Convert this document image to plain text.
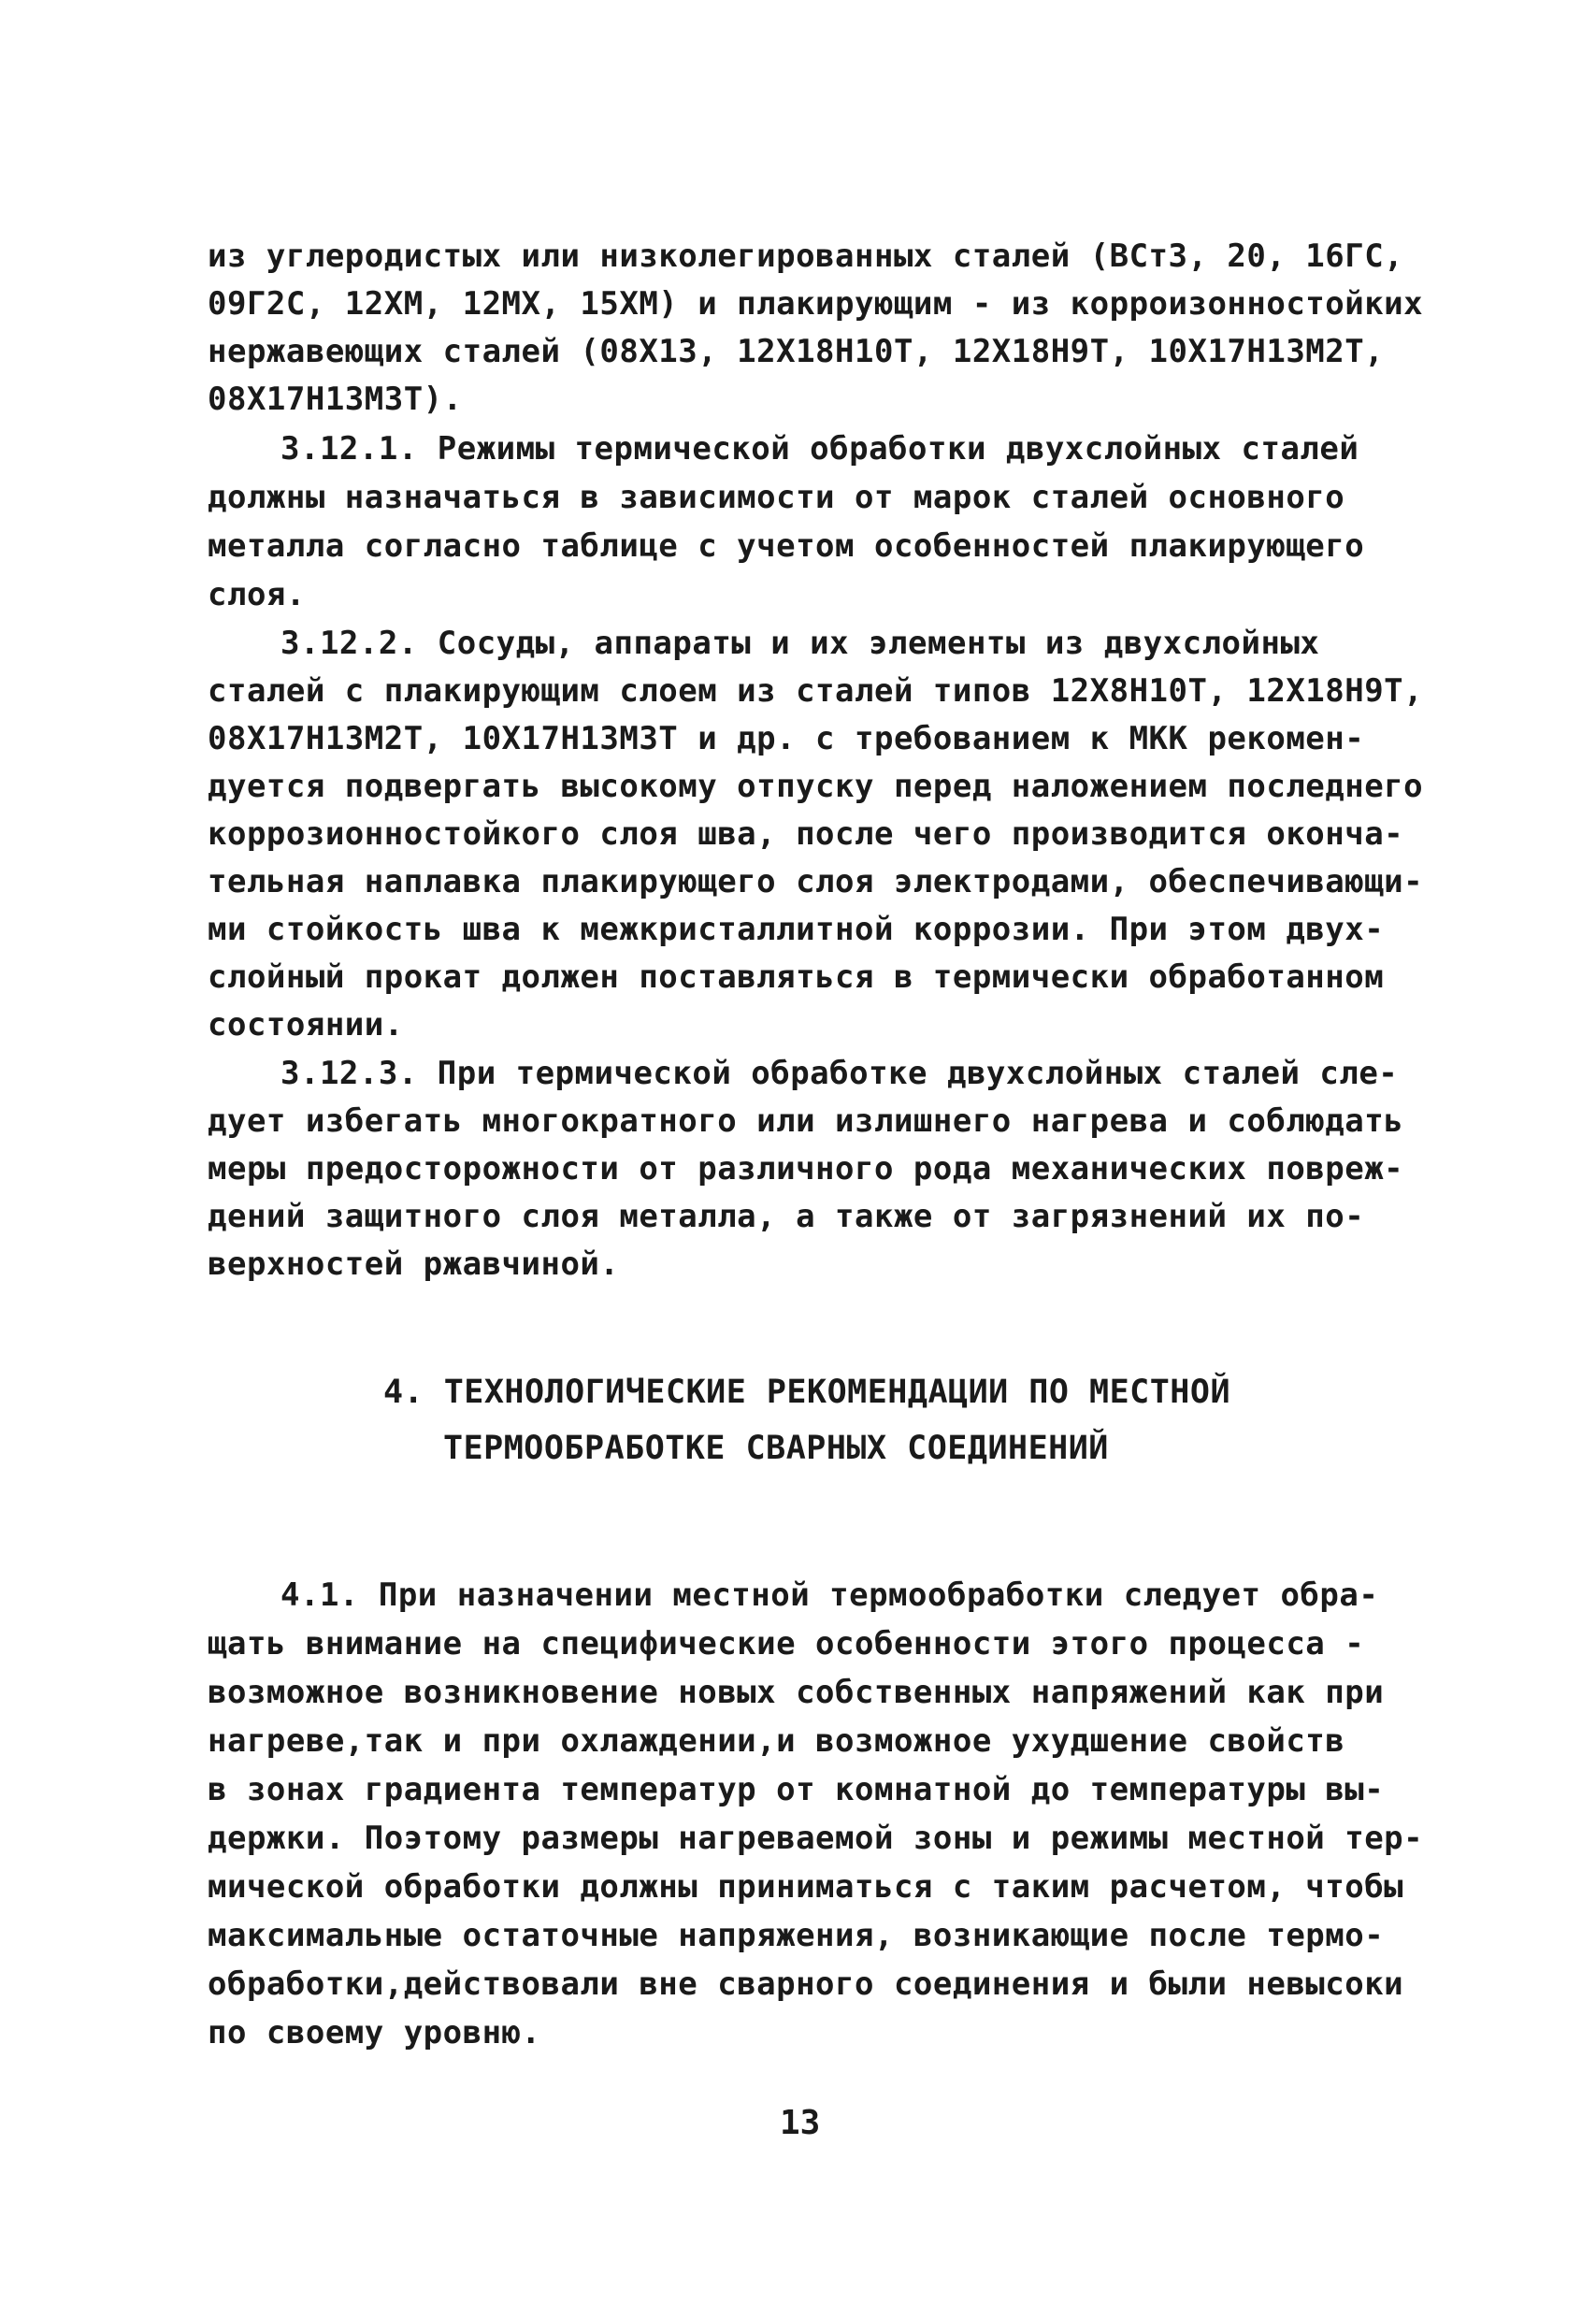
из углеродистых или низколегированных сталей (ВСт3, 20, 16ГС,
09Г2С, 12ХМ, 12МХ, 15ХМ) и плакирующим - из корроизонностойких
нержавеющих сталей (08Х13, 12Х18Н10Т, 12Х18Н9Т, 10Х17Н13М2Т,
08Х17Н13М3Т).
3.12.1. Режимы термической обработки двухслойных сталей
должны назначаться в зависимости от марок сталей основного
металла согласно таблице с учетом особенностей плакирующего
слоя.
3.12.2. Сосуды, аппараты и их элементы из двухслойных
сталей с плакирующим слоем из сталей типов 12Х8Н10Т, 12Х18Н9Т,
08Х17Н13М2Т, 10Х17Н13М3Т и др. с требованием к МКК рекомен-
дуется подвергать высокому отпуску перед наложением последнего
коррозионностойкого слоя шва, после чего производится оконча-
тельная наплавка плакирующего слоя электродами, обеспечивающи-
ми стойкость шва к межкристаллитной коррозии. При этом двух-
слойный прокат должен поставляться в термически обработанном
состоянии.
3.12.3. При термической обработке двухслойных сталей сле-
дует избегать многократного или излишнего нагрева и соблюдать
меры предосторожности от различного рода механических повреж-
дений защитного слоя металла, а также от загрязнений их по-
верхностей ржавчиной.
4. ТЕХНОЛОГИЧЕСКИЕ РЕКОМЕНДАЦИИ ПО МЕСТНОЙ
ТЕРМООБРАБОТКЕ СВАРНЫХ СОЕДИНЕНИЙ
4.1. При назначении местной термообработки следует обра-
щать внимание на специфические особенности этого процесса -
возможное возникновение новых собственных напряжений как при
нагреве,так и при охлаждении,и возможное ухудшение свойств
в зонах градиента температур от комнатной до температуры вы-
держки. Поэтому размеры нагреваемой зоны и режимы местной тер-
мической обработки должны приниматься с таким расчетом, чтобы
максимальные остаточные напряжения, возникающие после термо-
обработки,действовали вне сварного соединения и были невысоки
по своему уровню.
13
